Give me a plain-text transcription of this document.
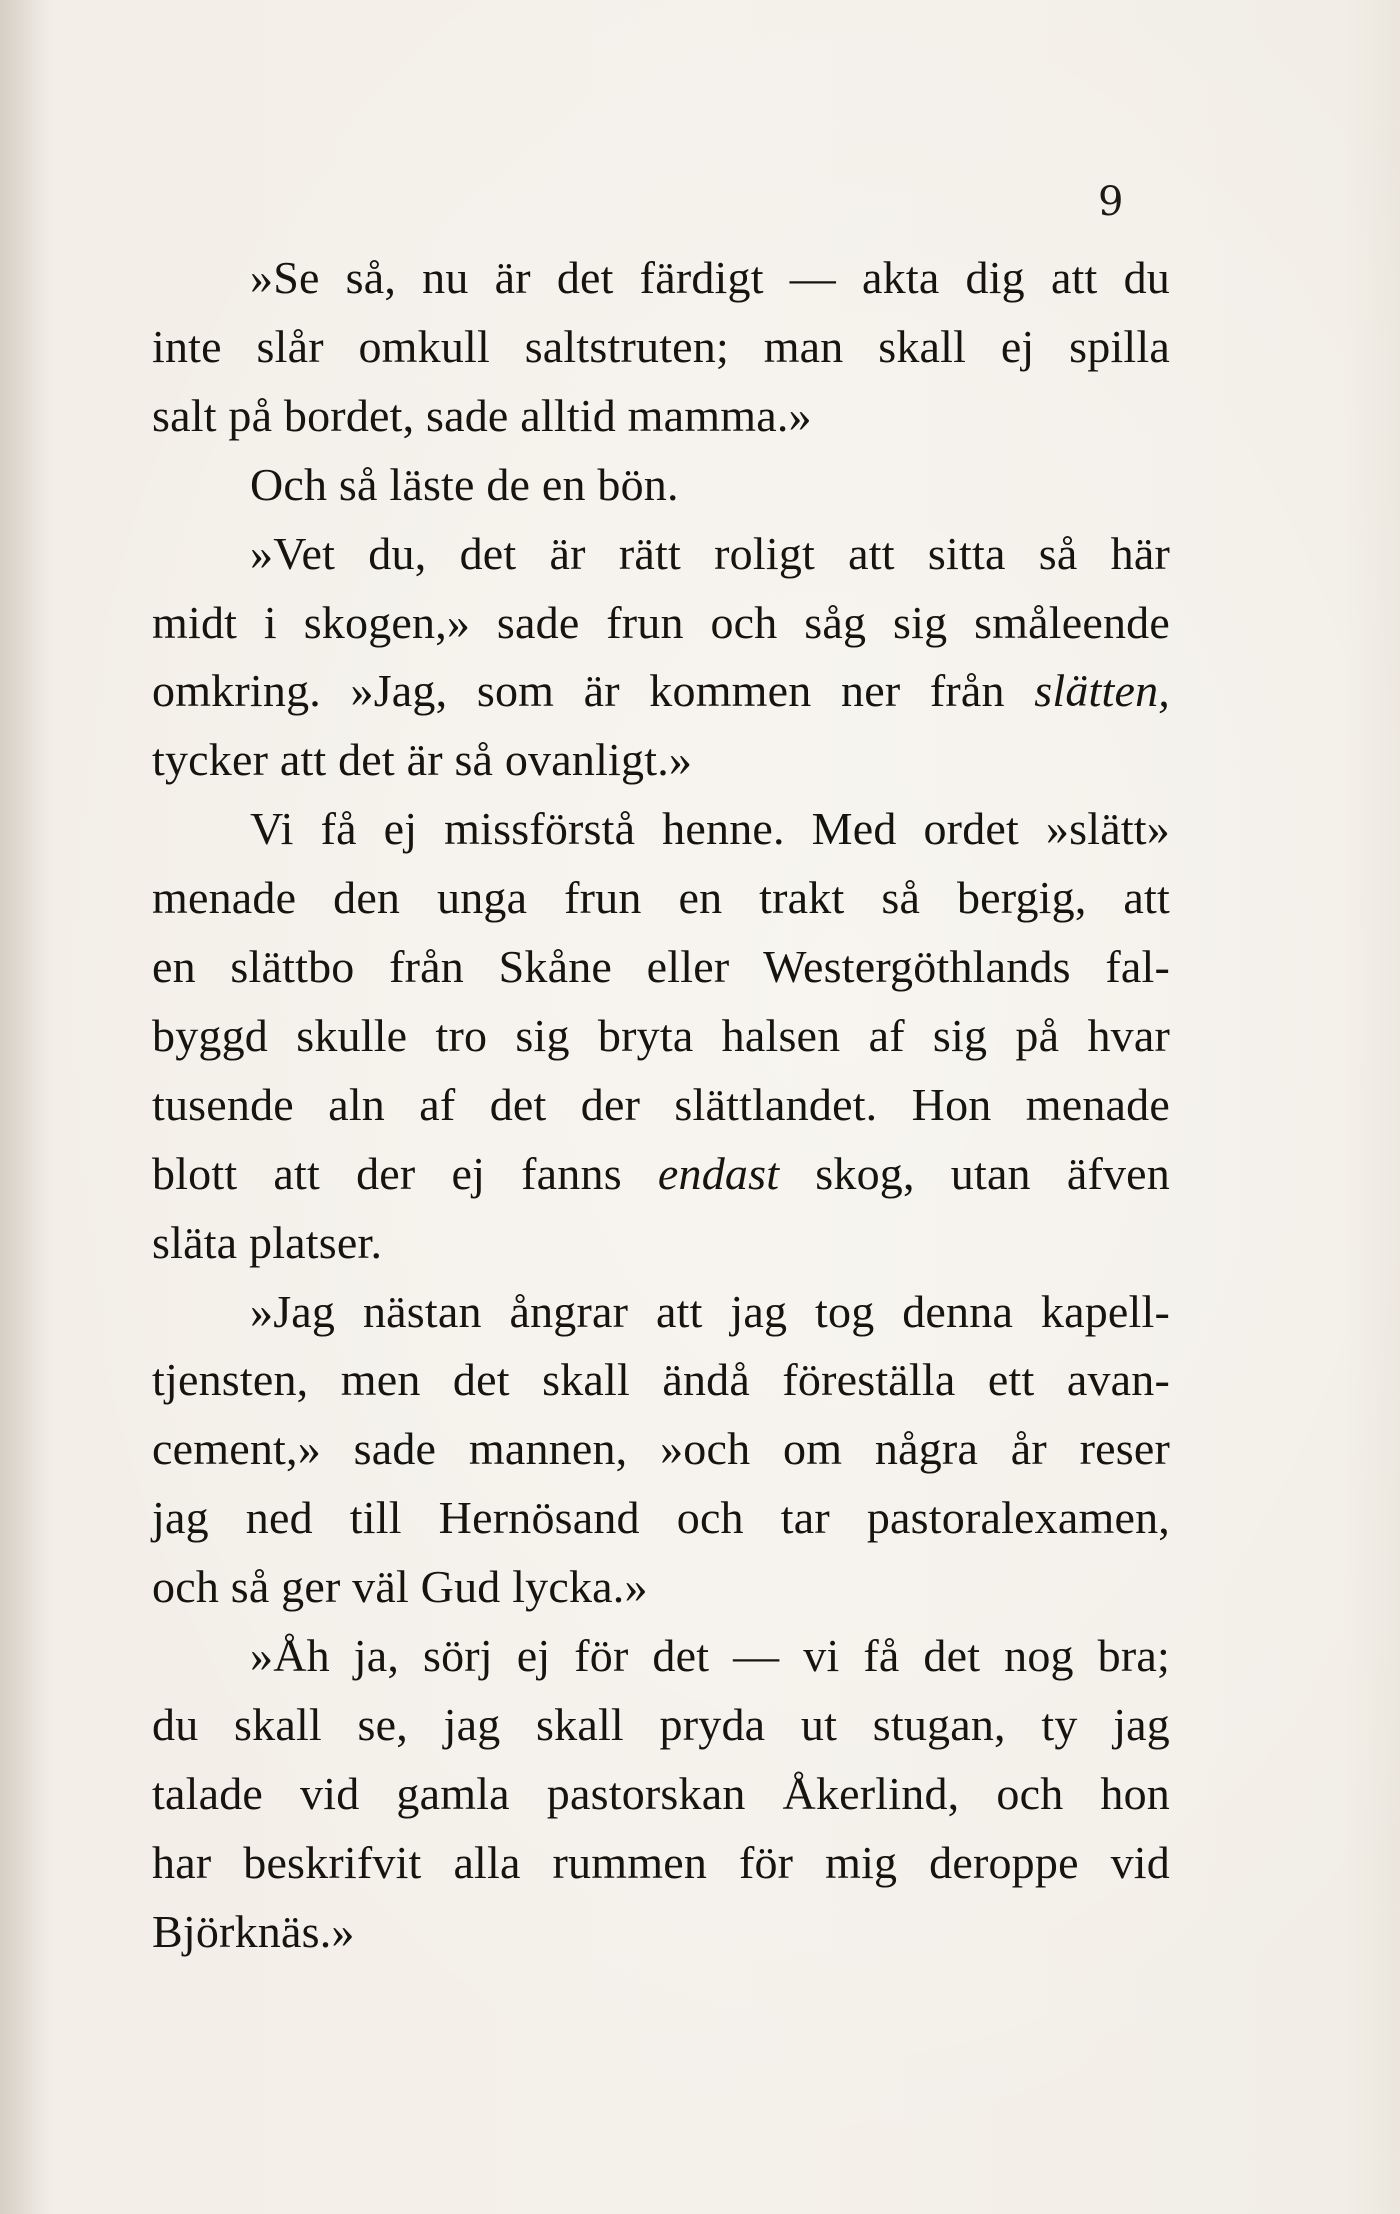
9
»Se så, nu är det färdigt — akta dig att du
inte slår omkull saltstruten; man skall ej spilla
salt på bordet, sade alltid mamma.»
Och så läste de en bön.
»Vet du, det är rätt roligt att sitta så här
midt i skogen,» sade frun och såg sig småleende
omkring. »Jag, som är kommen ner från slätten,
tycker att det är så ovanligt.»
Vi få ej missförstå henne. Med ordet »slätt»
menade den unga frun en trakt så bergig, att
en slättbo från Skåne eller Westergöthlands fal-
byggd skulle tro sig bryta halsen af sig på hvar
tusende aln af det der slättlandet. Hon menade
blott att der ej fanns endast skog, utan äfven
släta platser.
»Jag nästan ångrar att jag tog denna kapell-
tjensten, men det skall ändå föreställa ett avan-
cement,» sade mannen, »och om några år reser
jag ned till Hernösand och tar pastoralexamen,
och så ger väl Gud lycka.»
»Åh ja, sörj ej för det — vi få det nog bra;
du skall se, jag skall pryda ut stugan, ty jag
talade vid gamla pastorskan Åkerlind, och hon
har beskrifvit alla rummen för mig deroppe vid
Björknäs.»
